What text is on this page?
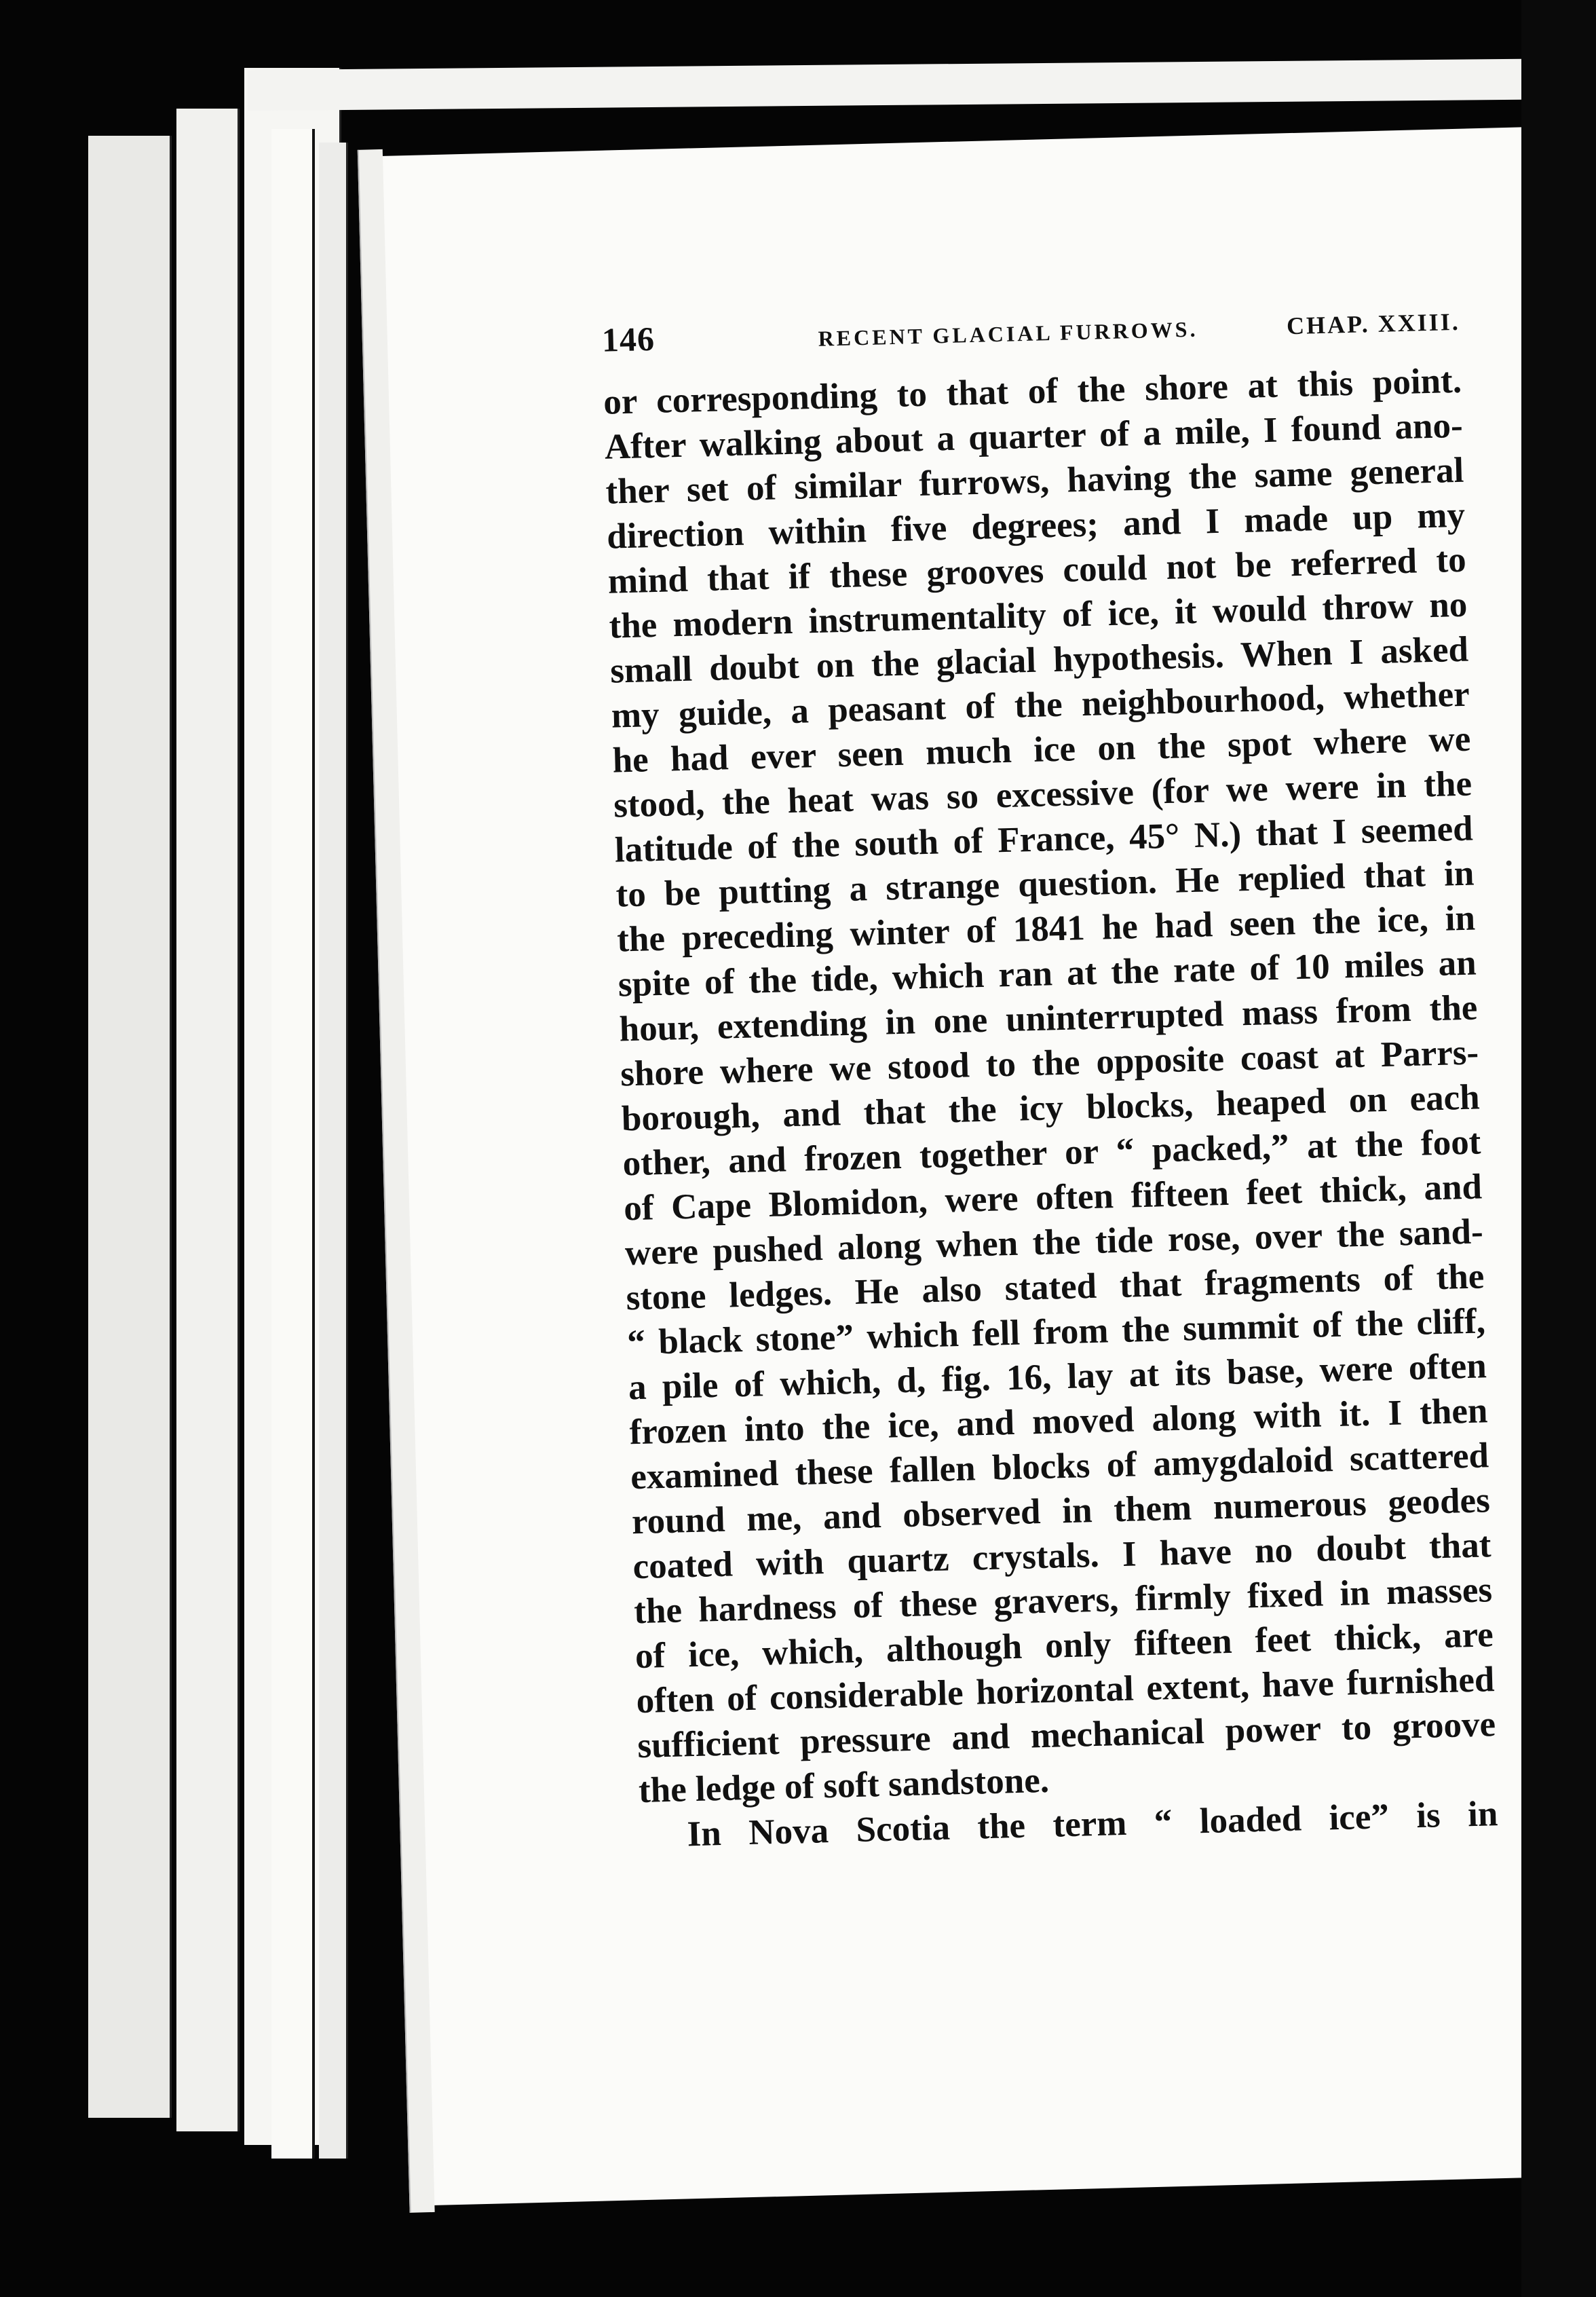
146	RECENT GLACIAL FURROWS.	CHAP. XXIII.
or corresponding to that of the shore at this point.
After walking about a quarter of a mile, I found ano-
ther set of similar furrows, having the same general
direction within five degrees; and I made up my
mind that if these grooves could not be referred to
the modern instrumentality of ice, it would throw no
small doubt on the glacial hypothesis. When I asked
my guide, a peasant of the neighbourhood, whether
he had ever seen much ice on the spot where we
stood, the heat was so excessive (for we were in the
latitude of the south of France, 45° N.) that I seemed
to be putting a strange question. He replied that in
the preceding winter of 1841 he had seen the ice, in
spite of the tide, which ran at the rate of 10 miles an
hour, extending in one uninterrupted mass from the
shore where we stood to the opposite coast at Parrs-
borough, and that the icy blocks, heaped on each
other, and frozen together or “ packed,” at the foot
of Cape Blomidon, were often fifteen feet thick, and
were pushed along when the tide rose, over the sand-
stone ledges. He also stated that fragments of the
“ black stone” which fell from the summit of the cliff,
a pile of which, d, fig. 16, lay at its base, were often
frozen into the ice, and moved along with it. I then
examined these fallen blocks of amygdaloid scattered
round me, and observed in them numerous geodes
coated with quartz crystals. I have no doubt that
the hardness of these gravers, firmly fixed in masses
of ice, which, although only fifteen feet thick, are
often of considerable horizontal extent, have furnished
sufficient pressure and mechanical power to groove
the ledge of soft sandstone.
In Nova Scotia the term “ loaded ice” is in
